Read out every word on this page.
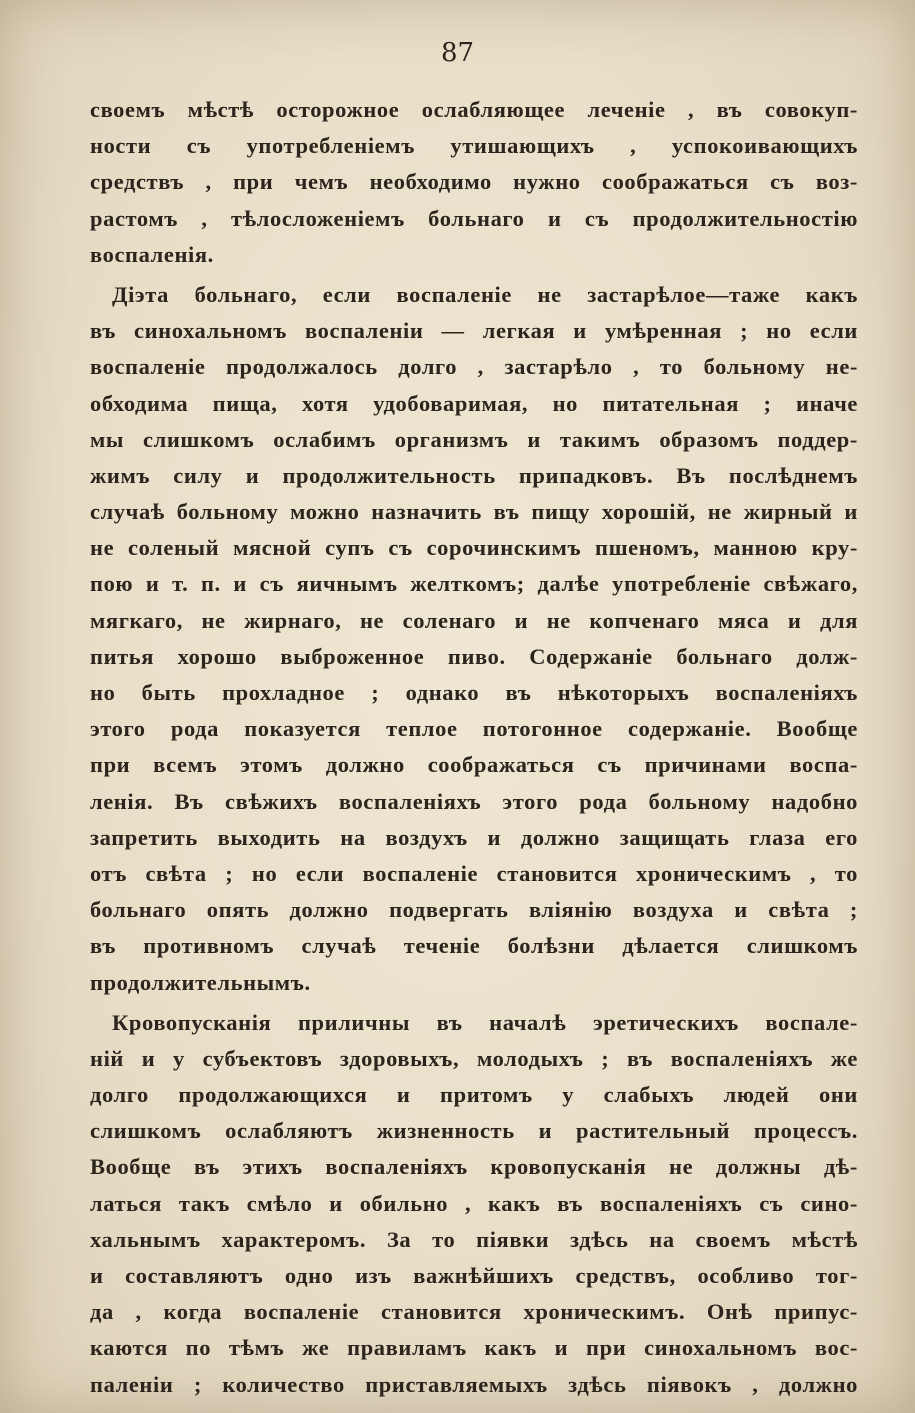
87
своемъ мѣстѣ осторожное ослабляющее леченіе , въ совокуп-
ности съ употребленіемъ утишающихъ , успокоивающихъ
средствъ , при чемъ необходимо нужно соображаться съ воз-
растомъ , тѣлосложеніемъ больнаго и съ продолжительностію
воспаленія.
Діэта больнаго, если воспаленіе не застарѣлое—таже какъ
въ синохальномъ воспаленіи — легкая и умѣренная ; но если
воспаленіе продолжалось долго , застарѣло , то больному не-
обходима пища, хотя удобоваримая, но питательная ; иначе
мы слишкомъ ослабимъ организмъ и такимъ образомъ поддер-
жимъ силу и продолжительность припадковъ. Въ послѣднемъ
случаѣ больному можно назначить въ пищу хорошій, не жирный и
не соленый мясной супъ съ сорочинскимъ пшеномъ, манною кру-
пою и т. п. и съ яичнымъ желткомъ; далѣе употребленіе свѣжаго,
мягкаго, не жирнаго, не соленаго и не копченаго мяса и для
питья хорошо выброженное пиво. Содержаніе больнаго долж-
но быть прохладное ; однако въ нѣкоторыхъ воспаленіяхъ
этого рода показуется теплое потогонное содержаніе. Вообще
при всемъ этомъ должно соображаться съ причинами воспа-
ленія. Въ свѣжихъ воспаленіяхъ этого рода больному надобно
запретить выходить на воздухъ и должно защищать глаза его
отъ свѣта ; но если воспаленіе становится хроническимъ , то
больнаго опять должно подвергать вліянію воздуха и свѣта ;
въ противномъ случаѣ теченіе болѣзни дѣлается слишкомъ
продолжительнымъ.
Кровопусканія приличны въ началѣ эретическихъ воспале-
ній и у субъектовъ здоровыхъ, молодыхъ ; въ воспаленіяхъ же
долго продолжающихся и притомъ у слабыхъ людей они
слишкомъ ослабляютъ жизненность и растительный процессъ.
Вообще въ этихъ воспаленіяхъ кровопусканія не должны дѣ-
латься такъ смѣло и обильно , какъ въ воспаленіяхъ съ сино-
хальнымъ характеромъ. За то піявки здѣсь на своемъ мѣстѣ
и составляютъ одно изъ важнѣйшихъ средствъ, особливо тог-
да , когда воспаленіе становится хроническимъ. Онѣ припус-
каются по тѣмъ же правиламъ какъ и при синохальномъ вос-
паленіи ; количество приставляемыхъ здѣсь піявокъ , должно
